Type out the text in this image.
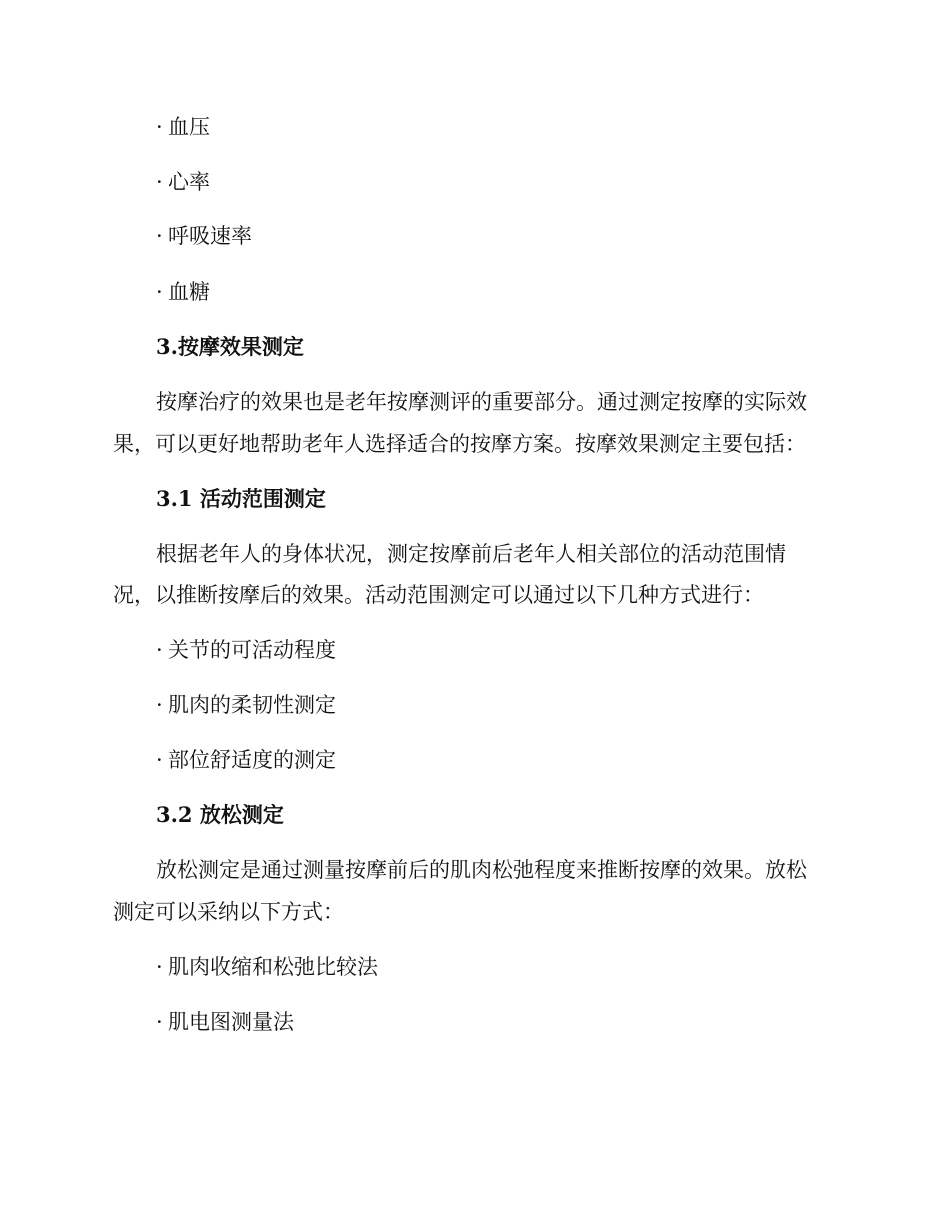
· 血压
· 心率
· 呼吸速率
· 血糖
3.按摩效果测定
按摩治疗的效果也是老年按摩测评的重要部分。通过测定按摩的实际效
果，可以更好地帮助老年人选择适合的按摩方案。按摩效果测定主要包括：
3.1 活动范围测定
根据老年人的身体状况，测定按摩前后老年人相关部位的活动范围情
况，以推断按摩后的效果。活动范围测定可以通过以下几种方式进行：
· 关节的可活动程度
· 肌肉的柔韧性测定
· 部位舒适度的测定
3.2 放松测定
放松测定是通过测量按摩前后的肌肉松弛程度来推断按摩的效果。放松
测定可以采纳以下方式：
· 肌肉收缩和松弛比较法
· 肌电图测量法
